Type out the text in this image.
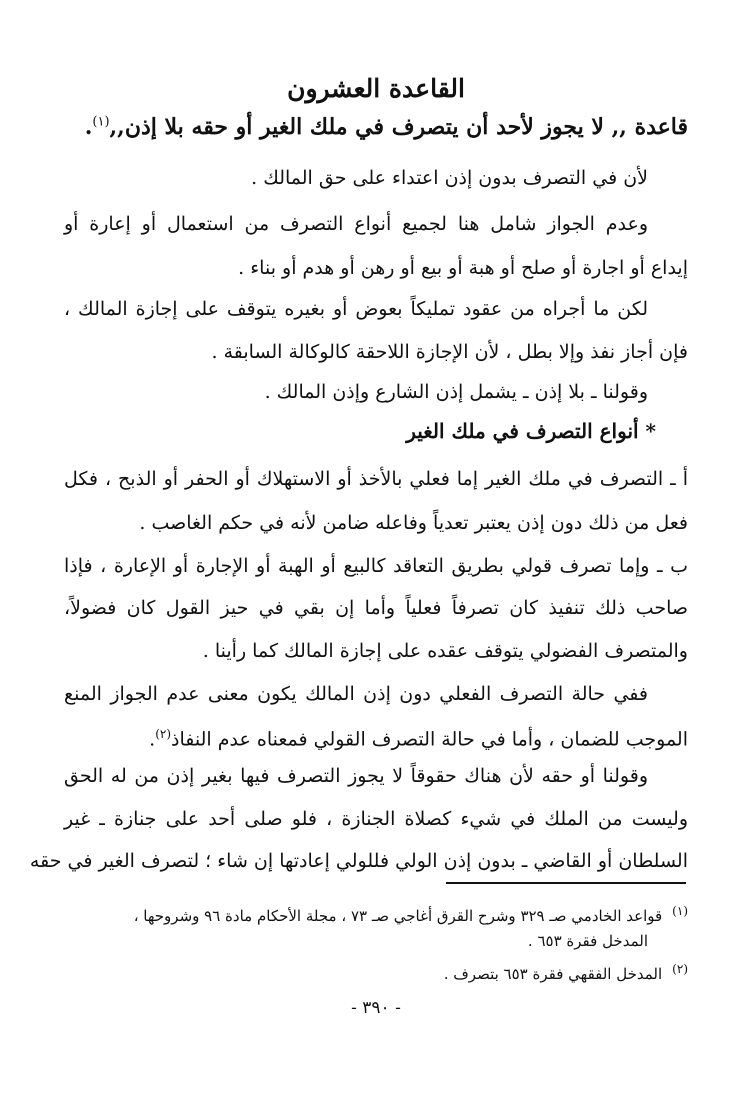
القاعدة العشرون
قاعدة ,, لا يجوز لأحد أن يتصرف في ملك الغير أو حقه بلا إذن,,$^{(١)}$.
لأن في التصرف بدون إذن اعتداء على حق المالك .
وعدم الجواز شامل هنا لجميع أنواع التصرف من استعمال أو إعارة أو
إيداع أو اجارة أو صلح أو هبة أو بيع أو رهن أو هدم أو بناء .
لكن ما أجراه من عقود تمليكاً بعوض أو بغيره يتوقف على إجازة المالك ،
فإن أجاز نفذ وإلا بطل ، لأن الإجازة اللاحقة كالوكالة السابقة .
وقولنا ـ بلا إذن ـ يشمل إذن الشارع وإذن المالك .
* أنواع التصرف في ملك الغير
أ ـ التصرف في ملك الغير إما فعلي بالأخذ أو الاستهلاك أو الحفر أو الذبح ، فكل
فعل من ذلك دون إذن يعتبر تعدياً وفاعله ضامن لأنه في حكم الغاصب .
ب ـ وإما تصرف قولي بطريق التعاقد كالبيع أو الهبة أو الإجارة أو الإعارة ، فإذا
صاحب ذلك تنفيذ كان تصرفاً فعلياً وأما إن بقي في حيز القول كان فضولاً،
والمتصرف الفضولي يتوقف عقده على إجازة المالك كما رأينا .
ففي حالة التصرف الفعلي دون إذن المالك يكون معنى عدم الجواز المنع
الموجب للضمان ، وأما في حالة التصرف القولي فمعناه عدم النفاذ$^{(٢)}$.
وقولنا أو حقه لأن هناك حقوقاً لا يجوز التصرف فيها بغير إذن من له الحق
وليست من الملك في شيء كصلاة الجنازة ، فلو صلى أحد على جنازة ـ غير
السلطان أو القاضي ـ بدون إذن الولي فللولي إعادتها إن شاء ؛ لتصرف الغير في حقه
$^{(١)}$قواعد الخادمي صـ ٣٢٩ وشرح القرق أغاجي صـ ٧٣ ، مجلة الأحكام مادة ٩٦ وشروحها ،
المدخل فقرة ٦٥٣ .
$^{(٢)}$المدخل الفقهي فقرة ٦٥٣ بتصرف .
- ٣٩٠ -
